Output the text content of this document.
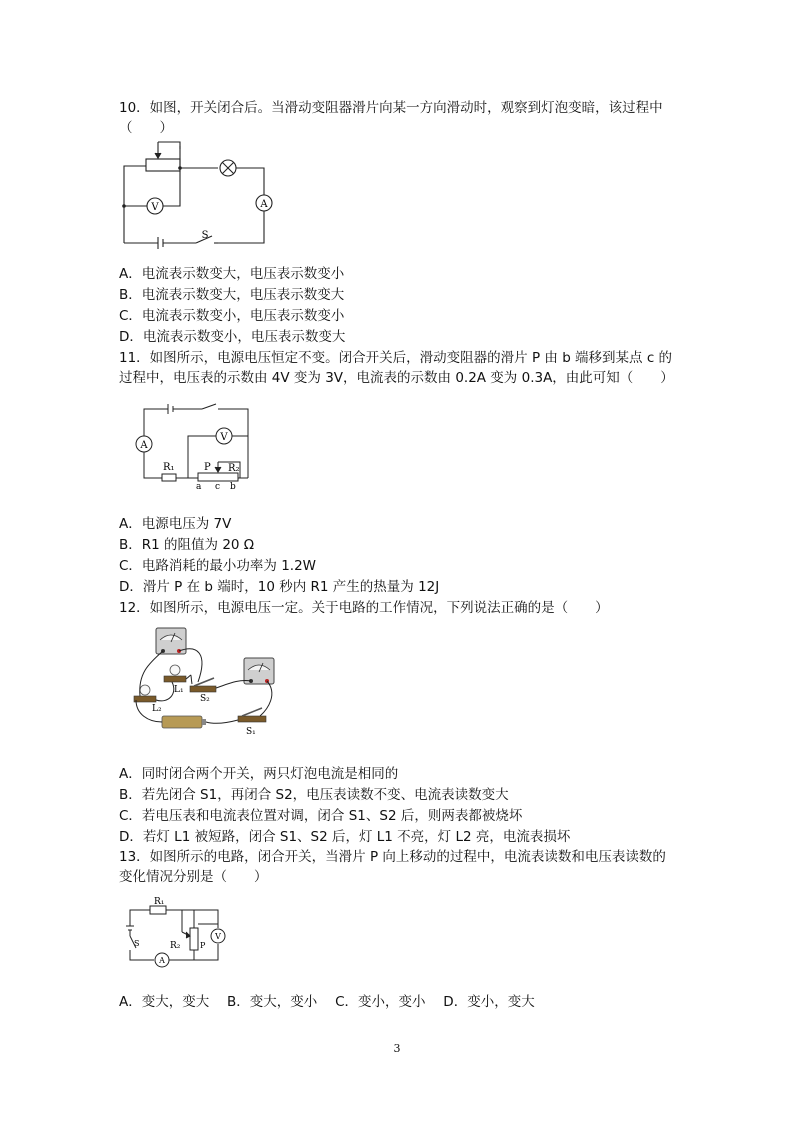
10．如图，开关闭合后。当滑动变阻器滑片向某一方向滑动时，观察到灯泡变暗，该过程中
（　　）
V	A
S
A．电流表示数变大，电压表示数变小
B．电流表示数变大，电压表示数变大
C．电流表示数变小，电压表示数变小
D．电流表示数变小，电压表示数变大
11．如图所示，电源电压恒定不变。闭合开关后，滑动变阻器的滑片 P 由 b 端移到某点 c 的
过程中，电压表的示数由 4V 变为 3V，电流表的示数由 0.2A 变为 0.3A，由此可知（　　）
A
V
R₁	R₂
P
a c b
A．电源电压为 7V
B．R1 的阻值为 20 Ω
C．电路消耗的最小功率为 1.2W
D．滑片 P 在 b 端时，10 秒内 R1 产生的热量为 12J
12．如图所示，电源电压一定。关于电路的工作情况，下列说法正确的是（　　）
L₁
L₂
S₂
S₁
A．同时闭合两个开关，两只灯泡电流是相同的
B．若先闭合 S1，再闭合 S2，电压表读数不变、电流表读数变大
C．若电压表和电流表位置对调，闭合 S1、S2 后，则两表都被烧坏
D．若灯 L1 被短路，闭合 S1、S2 后，灯 L1 不亮，灯 L2 亮，电流表损坏
13．如图所示的电路，闭合开关，当滑片 P 向上移动的过程中，电流表读数和电压表读数的
变化情况分别是（　　）
R₁
R₂ P
S
V
A
A．变大，变大　 B．变大，变小　 C．变小，变小　 D．变小，变大
3
